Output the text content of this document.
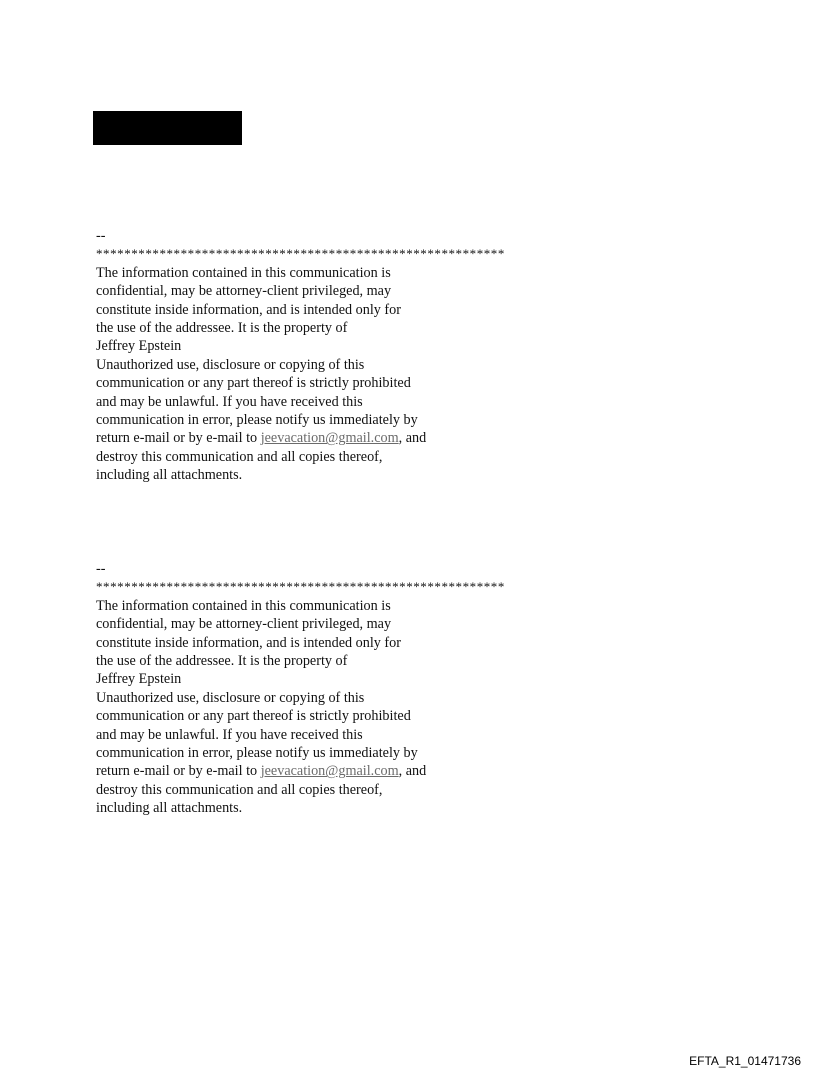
--
**********************************************************
The information contained in this communication is
confidential, may be attorney-client privileged, may
constitute inside information, and is intended only for
the use of the addressee. It is the property of
Jeffrey Epstein
Unauthorized use, disclosure or copying of this
communication or any part thereof is strictly prohibited
and may be unlawful. If you have received this
communication in error, please notify us immediately by
return e-mail or by e-mail to jeevacation@gmail.com, and
destroy this communication and all copies thereof,
including all attachments.
--
**********************************************************
The information contained in this communication is
confidential, may be attorney-client privileged, may
constitute inside information, and is intended only for
the use of the addressee. It is the property of
Jeffrey Epstein
Unauthorized use, disclosure or copying of this
communication or any part thereof is strictly prohibited
and may be unlawful. If you have received this
communication in error, please notify us immediately by
return e-mail or by e-mail to jeevacation@gmail.com, and
destroy this communication and all copies thereof,
including all attachments.
EFTA_R1_01471736
